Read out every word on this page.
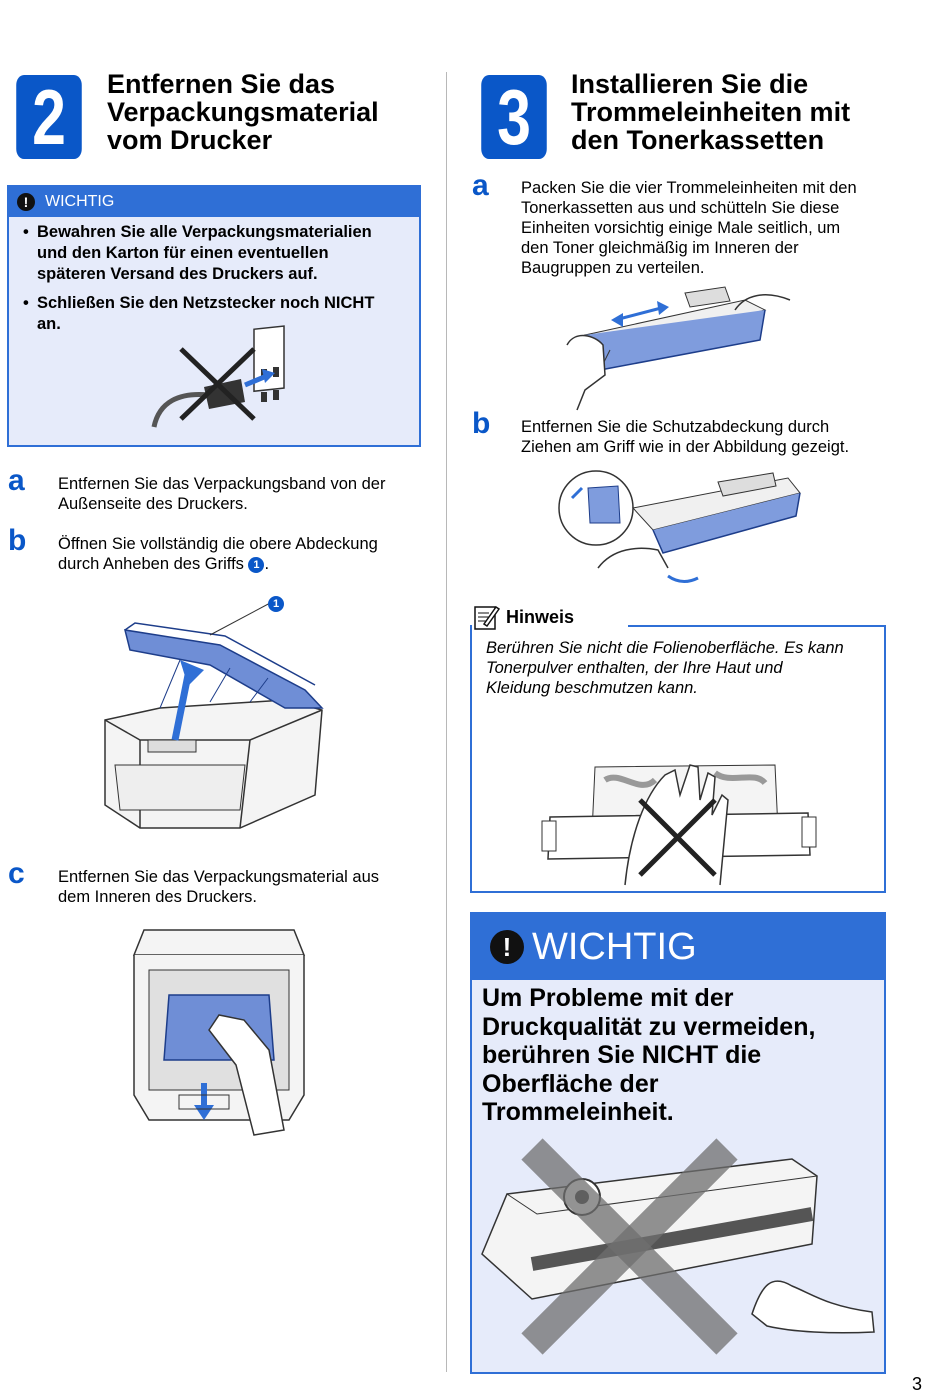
2	Entfernen Sie das
Verpackungsmaterial
vom Drucker
!	WICHTIG
• Bewahren Sie alle Verpackungsmaterialien
und den Karton für einen eventuellen
späteren Versand des Druckers auf.
• Schließen Sie den Netzstecker noch NICHT
an.
a Entfernen Sie das Verpackungsband von der
Außenseite des Druckers.
b Öffnen Sie vollständig die obere Abdeckung
durch Anheben des Griffs 1 .
1
c Entfernen Sie das Verpackungsmaterial aus
dem Inneren des Druckers.
3	Installieren Sie die
Trommeleinheiten mit
den Tonerkassetten
a Packen Sie die vier Trommeleinheiten mit den
Tonerkassetten aus und schütteln Sie diese
Einheiten vorsichtig einige Male seitlich, um
den Toner gleichmäßig im Inneren der
Baugruppen zu verteilen.
b Entfernen Sie die Schutzabdeckung durch
Ziehen am Griff wie in der Abbildung gezeigt.
Hinweis
Berühren Sie nicht die Folienoberfläche. Es kann
Tonerpulver enthalten, der Ihre Haut und
Kleidung beschmutzen kann.
! WICHTIG
Um Probleme mit der
Druckqualität zu vermeiden,
berühren Sie NICHT die
Oberfläche der
Trommeleinheit.
3
